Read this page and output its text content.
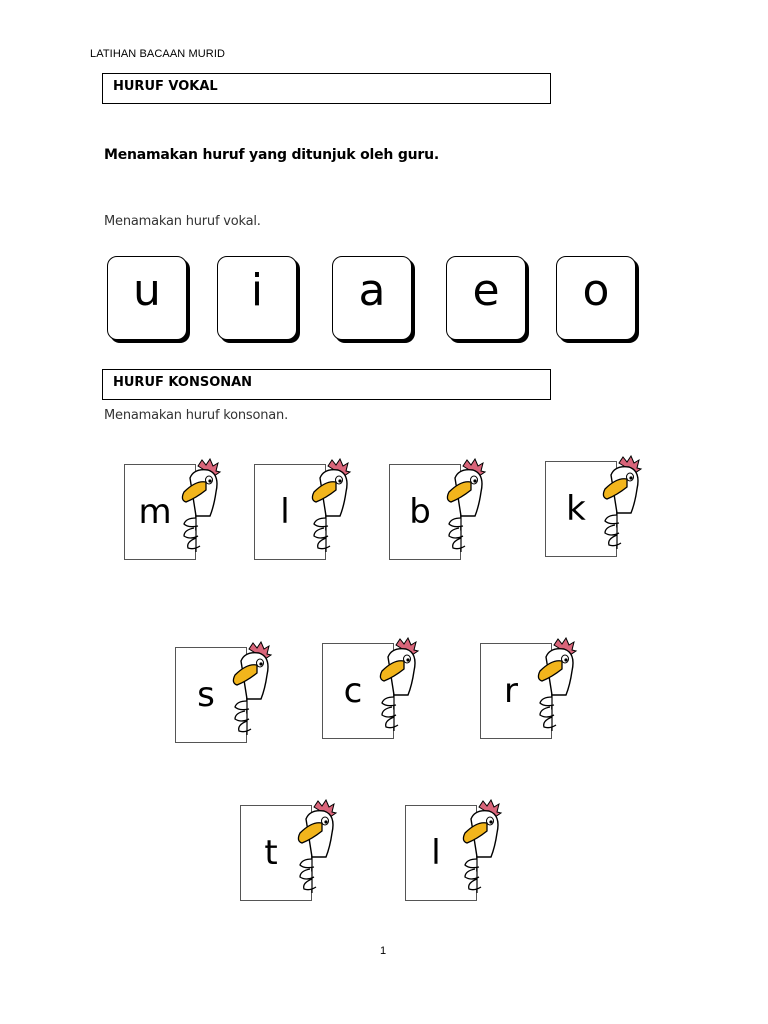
LATIHAN BACAAN MURID
HURUF VOKAL
Menamakan huruf yang ditunjuk oleh guru.
Menamakan huruf vokal.
u	i	a	e	o
HURUF KONSONAN
Menamakan huruf konsonan.
m	l	b	k
s	c	r
t	l
1
